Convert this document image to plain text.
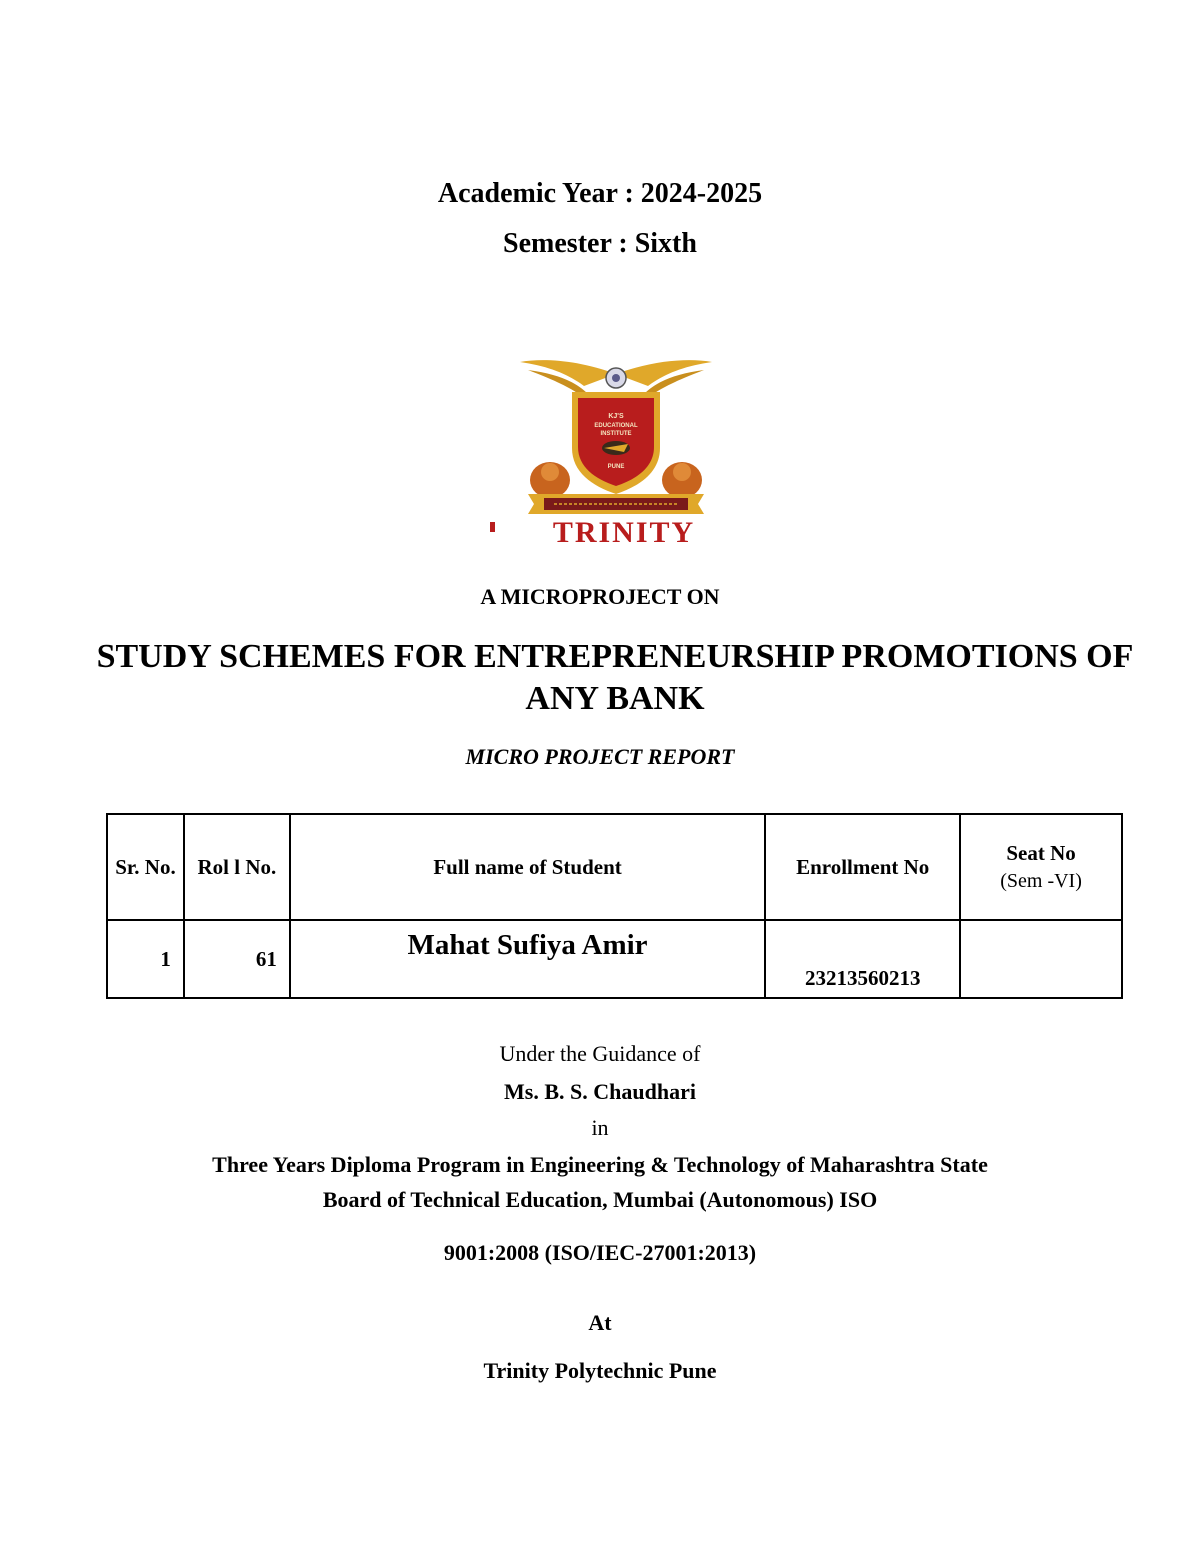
Academic Year : 2024-2025
Semester : Sixth
KJ'S
EDUCATIONAL
INSTITUTE
PUNE
TRINITY
A MICROPROJECT ON
STUDY SCHEMES FOR ENTREPRENEURSHIP PROMOTIONS OF ANY BANK
MICRO PROJECT REPORT
Sr. No.	Rol l No.	Full name of Student	Enrollment No	Seat No
(Sem -VI)

1	61	Mahat Sufiya Amir	23213560213	
Under the Guidance of
Ms. B. S. Chaudhari
in
Three Years Diploma Program in Engineering & Technology of Maharashtra State
Board of Technical Education, Mumbai (Autonomous) ISO
9001:2008 (ISO/IEC-27001:2013)
At
Trinity Polytechnic Pune
